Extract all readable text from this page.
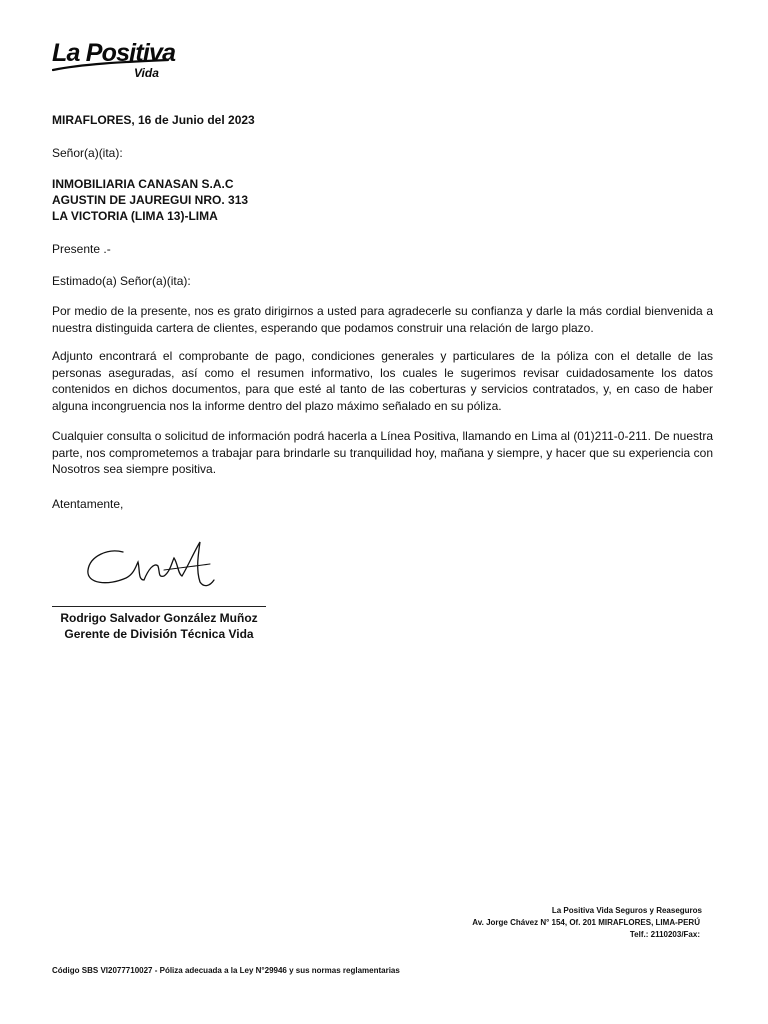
La Positiva
Vida
MIRAFLORES, 16 de Junio del 2023
Señor(a)(ita):
INMOBILIARIA CANASAN S.A.C
AGUSTIN DE JAUREGUI NRO. 313
LA VICTORIA (LIMA 13)-LIMA
Presente .-
Estimado(a) Señor(a)(ita):
Por medio de la presente, nos es grato dirigirnos a usted para agradecerle su confianza y darle la más cordial bienvenida a nuestra distinguida cartera de clientes, esperando que podamos construir una relación de largo plazo.
Adjunto encontrará el comprobante de pago, condiciones generales y particulares de la póliza con el detalle de las personas aseguradas, así como el resumen informativo, los cuales le sugerimos revisar cuidadosamente los datos contenidos en dichos documentos, para que esté al tanto de las coberturas y servicios contratados, y, en caso de haber alguna incongruencia nos la informe dentro del plazo máximo señalado en su póliza.
Cualquier consulta o solicitud de información podrá hacerla a Línea Positiva, llamando en Lima al (01)211-0-211. De nuestra parte, nos comprometemos a trabajar para brindarle su tranquilidad hoy, mañana y siempre, y hacer que su experiencia con Nosotros sea siempre positiva.
Atentamente,
Rodrigo Salvador González Muñoz
Gerente de División Técnica Vida
La Positiva Vida Seguros y Reaseguros
Av. Jorge Chávez N° 154, Of. 201 MIRAFLORES, LIMA-PERÚ
Telf.: 2110203/Fax:
Código SBS VI2077710027 - Póliza adecuada a la Ley N°29946 y sus normas reglamentarias
